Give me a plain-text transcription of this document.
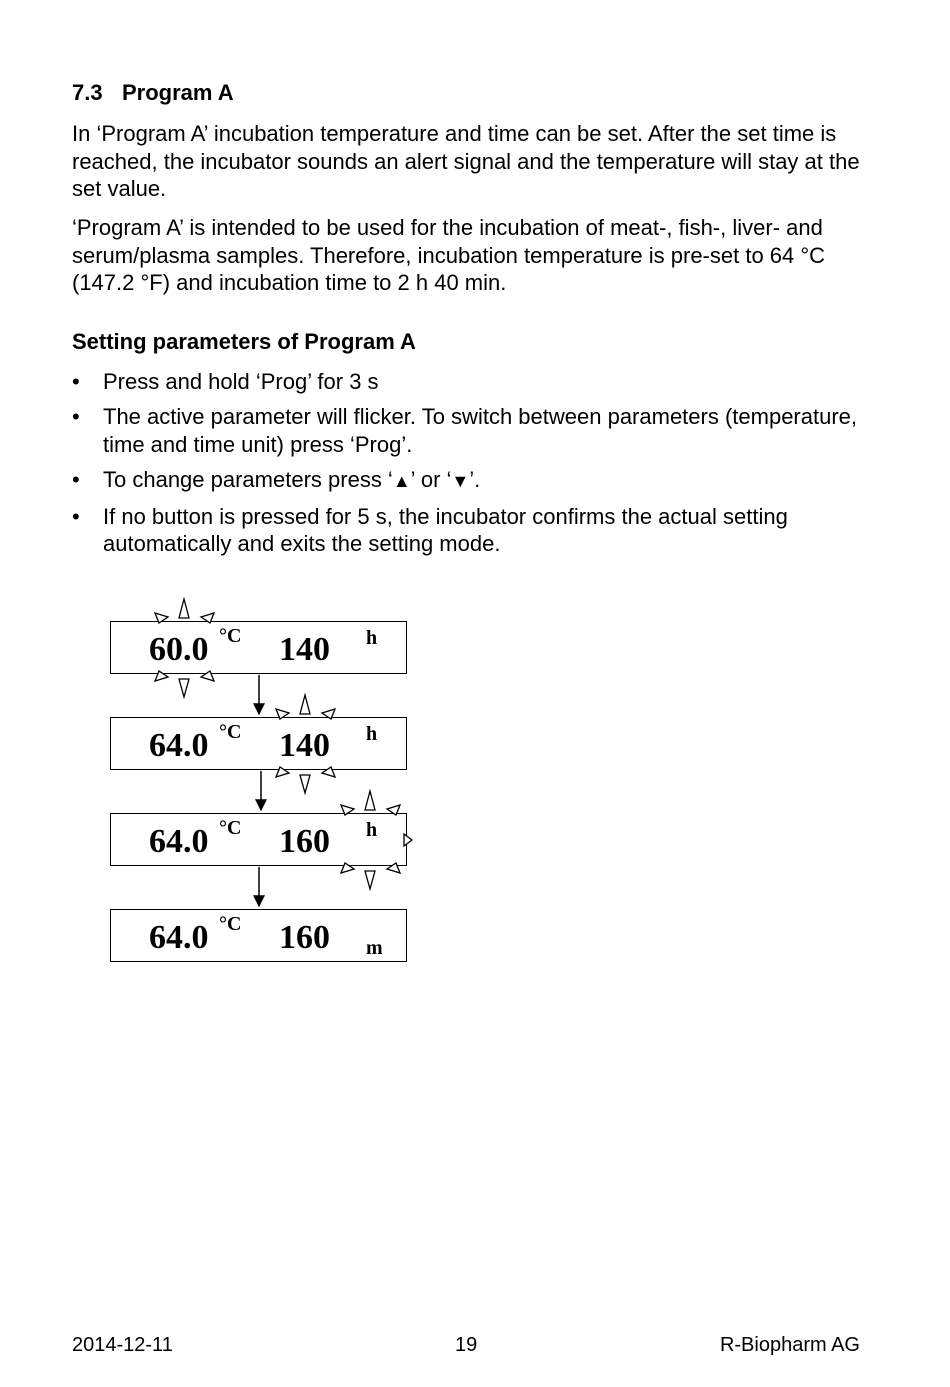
7.3 Program A

In ‘Program A’ incubation temperature and time can be set. After the set time is reached, the incubator sounds an alert signal and the temperature will stay at the set value.

‘Program A’ is intended to be used for the incubation of meat-, fish-, liver- and serum/plasma samples. Therefore, incubation temperature is pre-set to 64 °C (147.2 °F) and incubation time to 2 h 40 min.

Setting parameters of Program A
• Press and hold ‘Prog’ for 3 s
• The active parameter will flicker. To switch between parameters (temperature, time and time unit) press ‘Prog’.
• To change parameters press ‘▲’ or ‘▼’.
• If no button is pressed for 5 s, the incubator confirms the actual setting automatically and exits the setting mode.
60.0 °C 140 h
64.0 °C 140 h
64.0 °C 160 h
64.0 °C 160 m
2014-12-11	19	R-Biopharm AG
